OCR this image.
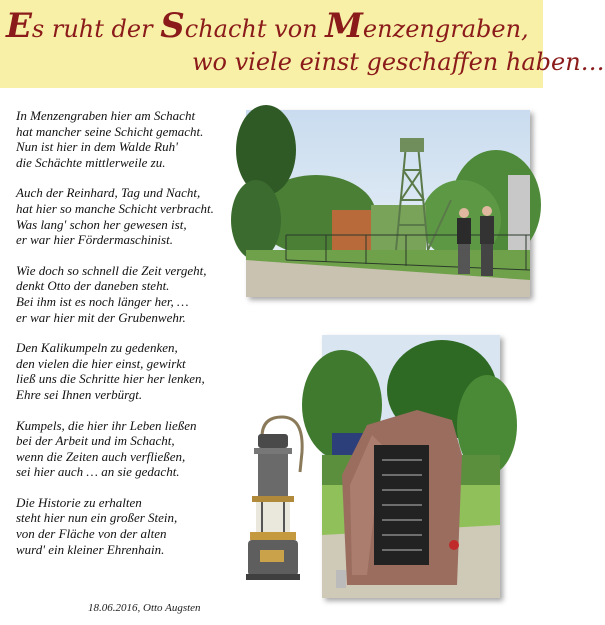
Es ruht der Schacht von Menzengraben,
wo viele einst geschaffen haben…
In Menzengraben hier am Schacht
hat mancher seine Schicht gemacht.
Nun ist hier in dem Walde Ruh'
die Schächte mittlerweile zu.
Auch der Reinhard, Tag und Nacht,
hat hier so manche Schicht verbracht.
Was lang' schon her gewesen ist,
er war hier Fördermaschinist.
Wie doch so schnell die Zeit vergeht,
denkt Otto der daneben steht.
Bei ihm ist es noch länger her, …
er war hier mit der Grubenwehr.
Den Kalikumpeln zu gedenken,
den vielen die hier einst, gewirkt
ließ uns die Schritte hier her lenken,
Ehre sei Ihnen verbürgt.
Kumpels, die hier ihr Leben ließen
bei der Arbeit und im Schacht,
wenn die Zeiten auch verfließen,
sei hier auch … an sie gedacht.
Die Historie zu erhalten
steht hier nun ein großer Stein,
von der Fläche von der alten
wurd' ein kleiner Ehrenhain.
18.06.2016, Otto Augsten
